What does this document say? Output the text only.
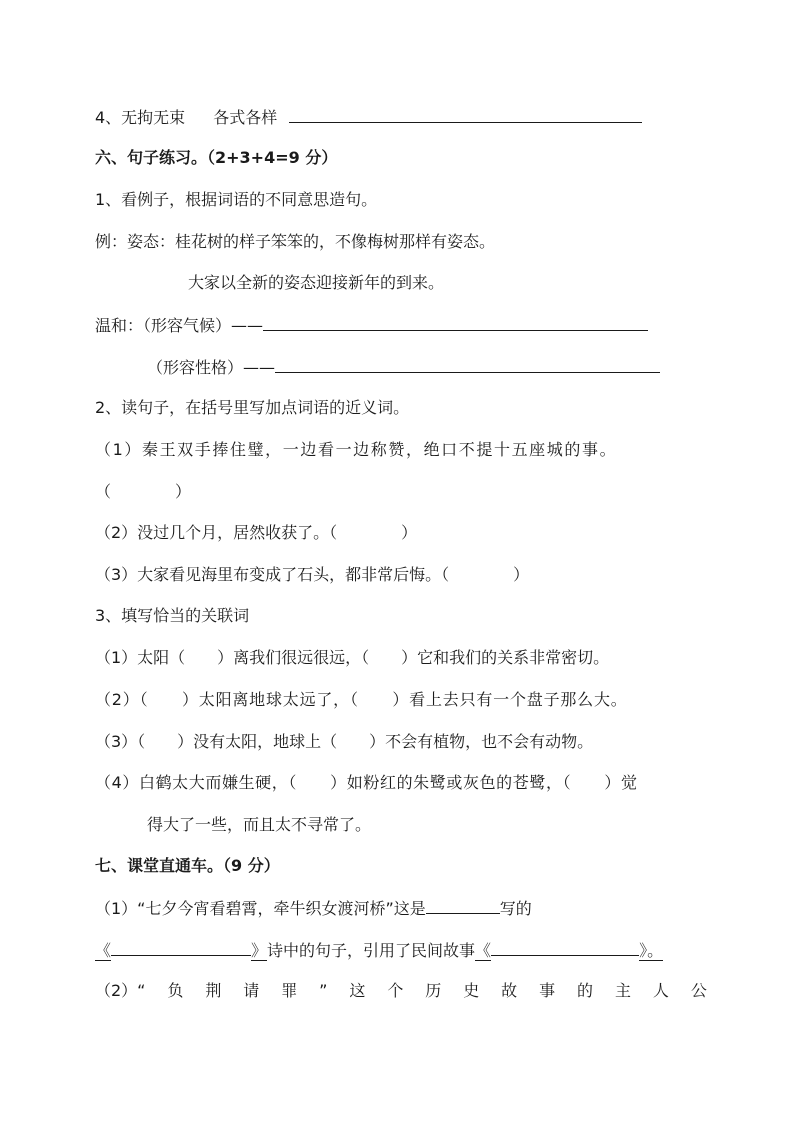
4、无拘无束 各式各样
六、句子练习。（2+3+4=9 分）
1、看例子，根据词语的不同意思造句。
例：姿态：桂花树的样子笨笨的，不像梅树那样有姿态。
大家以全新的姿态迎接新年的到来。
温和：（形容气候）——
（形容性格）——
2、读句子，在括号里写加点词语的近义词。
（1）秦王双手捧住璧，一边看一边称赞，绝口不提十五座城的事。
（　　　　）
（2）没过几个月，居然收获了。（　　　　）
（3）大家看见海里布变成了石头，都非常后悔。（　　　　）
3、填写恰当的关联词
（1）太阳（　　）离我们很远很远，（　　）它和我们的关系非常密切。
（2）（　　）太阳离地球太远了，（　　）看上去只有一个盘子那么大。
（3）（　　）没有太阳，地球上（　　）不会有植物，也不会有动物。
（4）白鹤太大而嫌生硬，（　　）如粉红的朱鹭或灰色的苍鹭，（　　）觉
得大了一些，而且太不寻常了。
七、课堂直通车。（9 分）
（1）“七夕今宵看碧霄，牵牛织女渡河桥”这是	写的
《	》诗中的句子，引用了民间故事《	》。
（2）“ 负 荆 请 罪 ” 这 个 历 史 故 事 的 主 人 公
